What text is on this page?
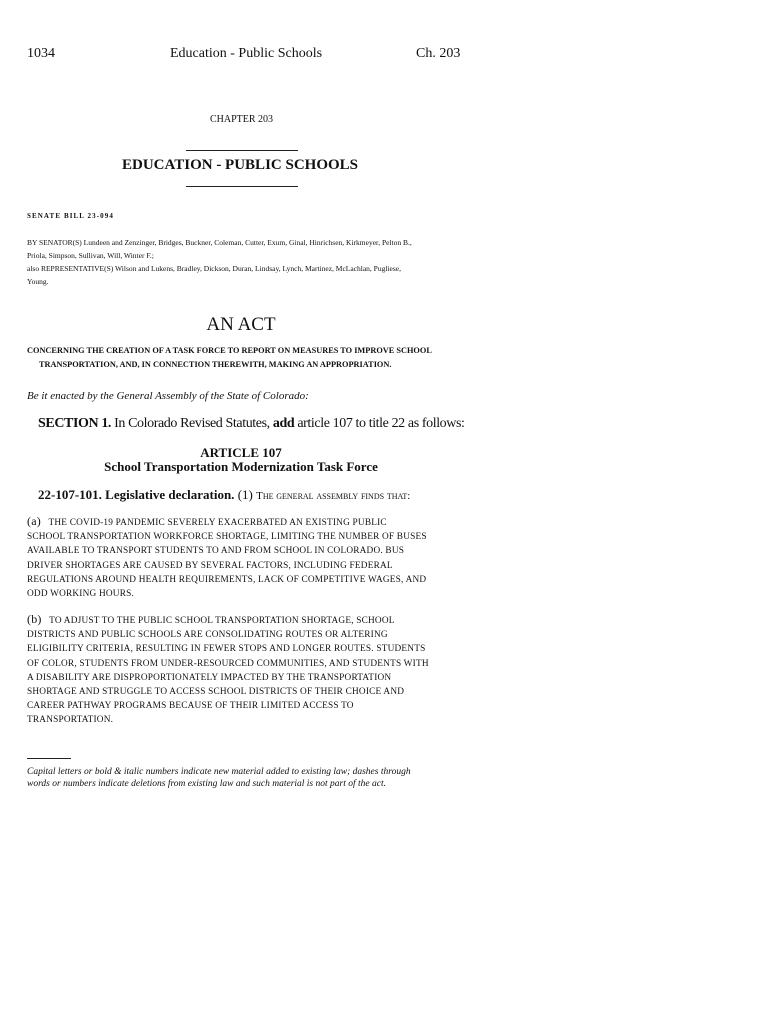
1034	Education - Public Schools	Ch. 203
CHAPTER 203
EDUCATION - PUBLIC SCHOOLS
SENATE BILL 23-094
BY SENATOR(S) Lundeen and Zenzinger, Bridges, Buckner, Coleman, Cutter, Exum, Ginal, Hinrichsen, Kirkmeyer, Pelton B.,
Priola, Simpson, Sullivan, Will, Winter F.;
also REPRESENTATIVE(S) Wilson and Lukens, Bradley, Dickson, Duran, Lindsay, Lynch, Martinez, McLachlan, Pugliese,
Young.
AN ACT
CONCERNING THE CREATION OF A TASK FORCE TO REPORT ON MEASURES TO IMPROVE SCHOOL
TRANSPORTATION, AND, IN CONNECTION THEREWITH, MAKING AN APPROPRIATION.
Be it enacted by the General Assembly of the State of Colorado:
SECTION 1. In Colorado Revised Statutes, add article 107 to title 22 as follows:
ARTICLE 107
School Transportation Modernization Task Force
22-107-101. Legislative declaration. (1) The general assembly finds that:
(a) THE COVID-19 PANDEMIC SEVERELY EXACERBATED AN EXISTING PUBLIC
SCHOOL TRANSPORTATION WORKFORCE SHORTAGE, LIMITING THE NUMBER OF BUSES
AVAILABLE TO TRANSPORT STUDENTS TO AND FROM SCHOOL IN COLORADO. BUS
DRIVER SHORTAGES ARE CAUSED BY SEVERAL FACTORS, INCLUDING FEDERAL
REGULATIONS AROUND HEALTH REQUIREMENTS, LACK OF COMPETITIVE WAGES, AND
ODD WORKING HOURS.
(b) TO ADJUST TO THE PUBLIC SCHOOL TRANSPORTATION SHORTAGE, SCHOOL
DISTRICTS AND PUBLIC SCHOOLS ARE CONSOLIDATING ROUTES OR ALTERING
ELIGIBILITY CRITERIA, RESULTING IN FEWER STOPS AND LONGER ROUTES. STUDENTS
OF COLOR, STUDENTS FROM UNDER-RESOURCED COMMUNITIES, AND STUDENTS WITH
A DISABILITY ARE DISPROPORTIONATELY IMPACTED BY THE TRANSPORTATION
SHORTAGE AND STRUGGLE TO ACCESS SCHOOL DISTRICTS OF THEIR CHOICE AND
CAREER PATHWAY PROGRAMS BECAUSE OF THEIR LIMITED ACCESS TO
TRANSPORTATION.
Capital letters or bold & italic numbers indicate new material added to existing law; dashes through
words or numbers indicate deletions from existing law and such material is not part of the act.
